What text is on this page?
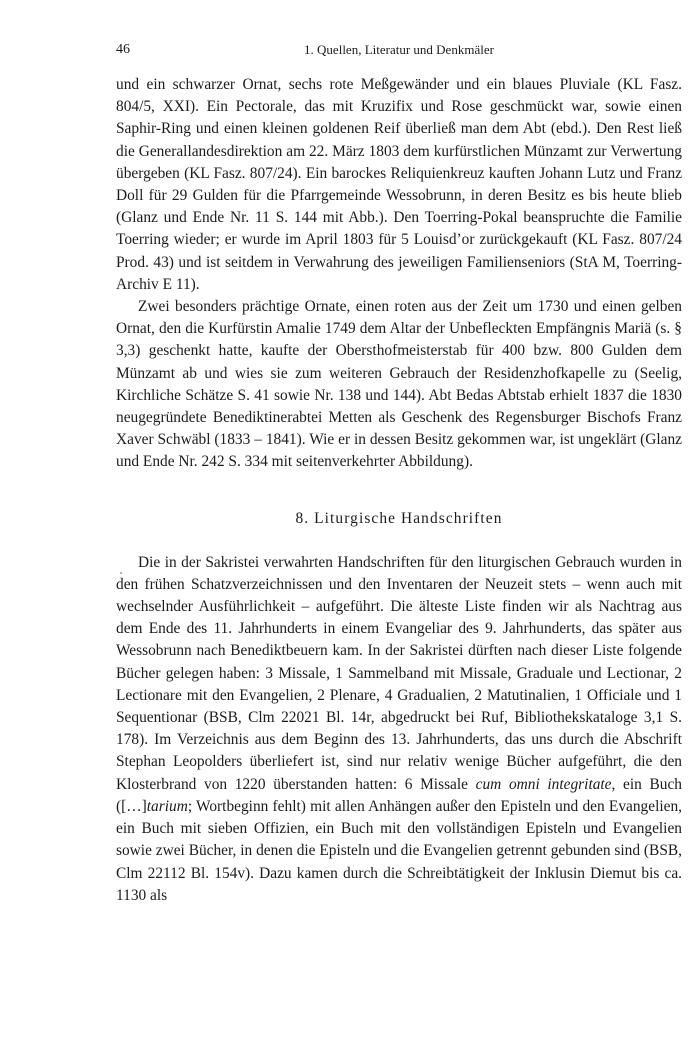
46	1. Quellen, Literatur und Denkmäler

und ein schwarzer Ornat, sechs rote Meßgewänder und ein blaues Pluviale (KL Fasz. 804/5, XXI). Ein Pectorale, das mit Kruzifix und Rose geschmückt war, sowie einen Saphir-Ring und einen kleinen goldenen Reif überließ man dem Abt (ebd.). Den Rest ließ die Generallandesdirektion am 22. März 1803 dem kurfürstlichen Münzamt zur Verwertung übergeben (KL Fasz. 807/24). Ein barockes Reliquienkreuz kauften Johann Lutz und Franz Doll für 29 Gulden für die Pfarrgemeinde Wessobrunn, in deren Besitz es bis heute blieb (Glanz und Ende Nr. 11 S. 144 mit Abb.). Den Toerring-Pokal beanspruchte die Familie Toerring wieder; er wurde im April 1803 für 5 Louisd’or zurückgekauft (KL Fasz. 807/24 Prod. 43) und ist seitdem in Verwahrung des jeweiligen Familienseniors (StA M, Toerring-Archiv E 11).

Zwei besonders prächtige Ornate, einen roten aus der Zeit um 1730 und einen gelben Ornat, den die Kurfürstin Amalie 1749 dem Altar der Unbefleckten Empfängnis Mariä (s. § 3,3) geschenkt hatte, kaufte der Obersthofmeisterstab für 400 bzw. 800 Gulden dem Münzamt ab und wies sie zum weiteren Gebrauch der Residenzhofkapelle zu (Seelig, Kirchliche Schätze S. 41 sowie Nr. 138 und 144). Abt Bedas Abtstab erhielt 1837 die 1830 neugegründete Benediktinerabtei Metten als Geschenk des Regensburger Bischofs Franz Xaver Schwäbl (1833 – 1841). Wie er in dessen Besitz gekommen war, ist ungeklärt (Glanz und Ende Nr. 242 S. 334 mit seitenverkehrter Abbildung).

8. Liturgische Handschriften

Die in der Sakristei verwahrten Handschriften für den liturgischen Gebrauch wurden in den frühen Schatzverzeichnissen und den Inventaren der Neuzeit stets – wenn auch mit wechselnder Ausführlichkeit – aufgeführt. Die älteste Liste finden wir als Nachtrag aus dem Ende des 11. Jahrhunderts in einem Evangeliar des 9. Jahrhunderts, das später aus Wessobrunn nach Benediktbeuern kam. In der Sakristei dürften nach dieser Liste folgende Bücher gelegen haben: 3 Missale, 1 Sammelband mit Missale, Graduale und Lectionar, 2 Lectionare mit den Evangelien, 2 Plenare, 4 Gradualien, 2 Matutinalien, 1 Officiale und 1 Sequentionar (BSB, Clm 22021 Bl. 14r, abgedruckt bei Ruf, Bibliothekskataloge 3,1 S. 178). Im Verzeichnis aus dem Beginn des 13. Jahrhunderts, das uns durch die Abschrift Stephan Leopolders überliefert ist, sind nur relativ wenige Bücher aufgeführt, die den Klosterbrand von 1220 überstanden hatten: 6 Missale cum omni integritate, ein Buch ([…]tarium; Wortbeginn fehlt) mit allen Anhängen außer den Episteln und den Evangelien, ein Buch mit sieben Offizien, ein Buch mit den vollständigen Episteln und Evangelien sowie zwei Bücher, in denen die Episteln und die Evangelien getrennt gebunden sind (BSB, Clm 22112 Bl. 154v). Dazu kamen durch die Schreibtätigkeit der Inklusin Diemut bis ca. 1130 als
